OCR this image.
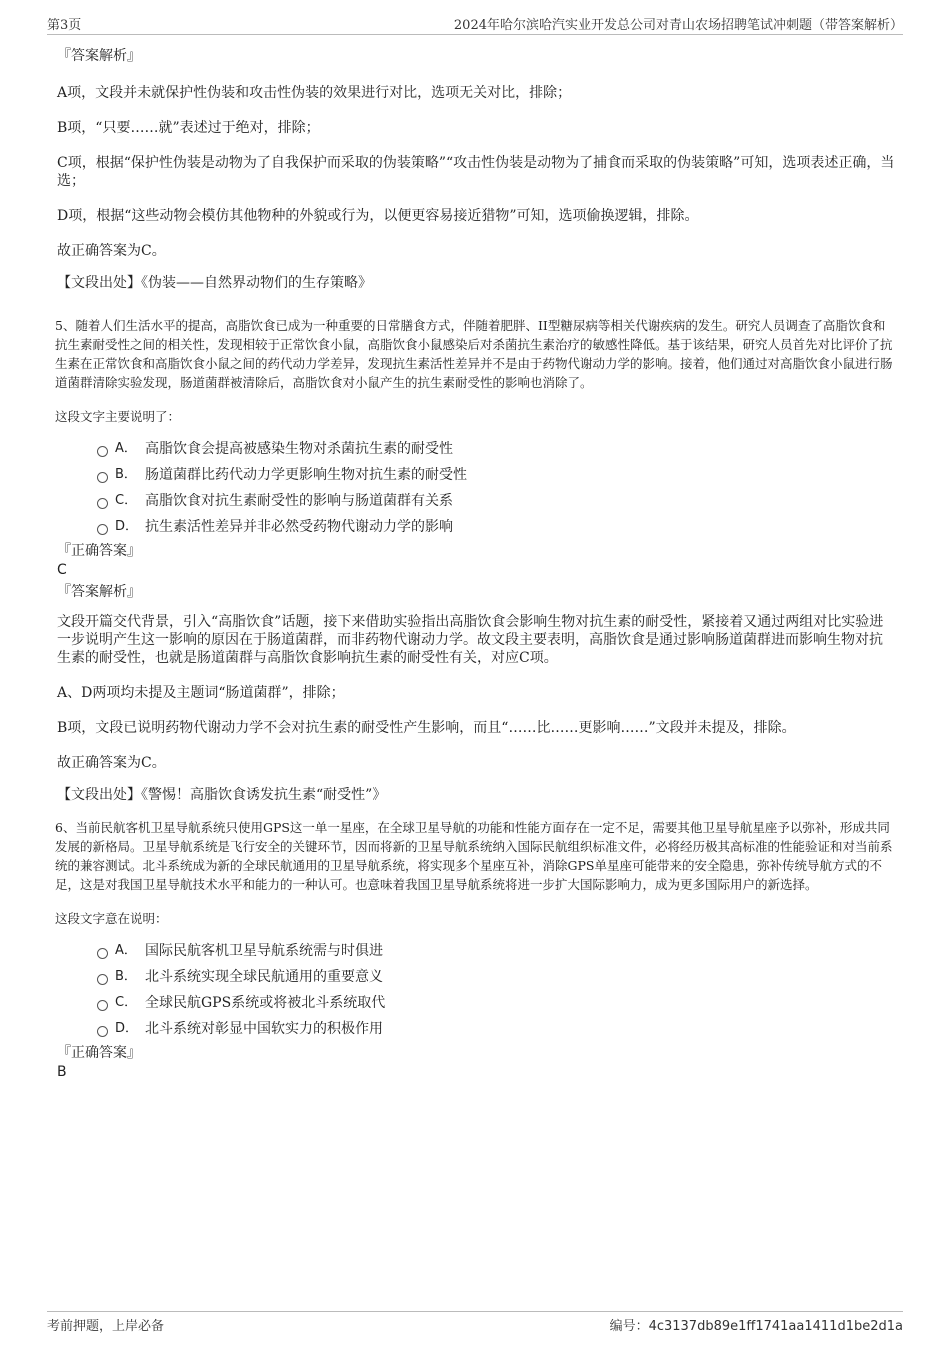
第3页	2024年哈尔滨哈汽实业开发总公司对青山农场招聘笔试冲刺题（带答案解析）
『答案解析』
A项，文段并未就保护性伪装和攻击性伪装的效果进行对比，选项无关对比，排除；
B项，“只要……就”表述过于绝对，排除；
C项，根据“保护性伪装是动物为了自我保护而采取的伪装策略”“攻击性伪装是动物为了捕食而采取的伪装策略”可知，选项表述正确，当选；
D项，根据“这些动物会模仿其他物种的外貌或行为，以便更容易接近猎物”可知，选项偷换逻辑，排除。
故正确答案为C。
【文段出处】《伪装——自然界动物们的生存策略》
5、随着人们生活水平的提高，高脂饮食已成为一种重要的日常膳食方式，伴随着肥胖、II型糖尿病等相关代谢疾病的发生。研究人员调查了高脂饮食和抗生素耐受性之间的相关性，发现相较于正常饮食小鼠，高脂饮食小鼠感染后对杀菌抗生素治疗的敏感性降低。基于该结果，研究人员首先对比评价了抗生素在正常饮食和高脂饮食小鼠之间的药代动力学差异，发现抗生素活性差异并不是由于药物代谢动力学的影响。接着，他们通过对高脂饮食小鼠进行肠道菌群清除实验发现，肠道菌群被清除后，高脂饮食对小鼠产生的抗生素耐受性的影响也消除了。
这段文字主要说明了：
A． 高脂饮食会提高被感染生物对杀菌抗生素的耐受性
B． 肠道菌群比药代动力学更影响生物对抗生素的耐受性
C． 高脂饮食对抗生素耐受性的影响与肠道菌群有关系
D． 抗生素活性差异并非必然受药物代谢动力学的影响
『正确答案』
C
『答案解析』
文段开篇交代背景，引入“高脂饮食”话题，接下来借助实验指出高脂饮食会影响生物对抗生素的耐受性，紧接着又通过两组对比实验进一步说明产生这一影响的原因在于肠道菌群，而非药物代谢动力学。故文段主要表明，高脂饮食是通过影响肠道菌群进而影响生物对抗生素的耐受性，也就是肠道菌群与高脂饮食影响抗生素的耐受性有关，对应C项。
A、D两项均未提及主题词“肠道菌群”，排除；
B项，文段已说明药物代谢动力学不会对抗生素的耐受性产生影响，而且“……比……更影响……”文段并未提及，排除。
故正确答案为C。
【文段出处】《警惕！高脂饮食诱发抗生素“耐受性”》
6、当前民航客机卫星导航系统只使用GPS这一单一星座，在全球卫星导航的功能和性能方面存在一定不足，需要其他卫星导航星座予以弥补，形成共同发展的新格局。卫星导航系统是飞行安全的关键环节，因而将新的卫星导航系统纳入国际民航组织标准文件，必将经历极其高标准的性能验证和对当前系统的兼容测试。北斗系统成为新的全球民航通用的卫星导航系统，将实现多个星座互补，消除GPS单星座可能带来的安全隐患，弥补传统导航方式的不足，这是对我国卫星导航技术水平和能力的一种认可。也意味着我国卫星导航系统将进一步扩大国际影响力，成为更多国际用户的新选择。
这段文字意在说明：
A． 国际民航客机卫星导航系统需与时俱进
B． 北斗系统实现全球民航通用的重要意义
C． 全球民航GPS系统或将被北斗系统取代
D． 北斗系统对彰显中国软实力的积极作用
『正确答案』
B
考前押题，上岸必备	编号：4c3137db89e1ff1741aa1411d1be2d1a
